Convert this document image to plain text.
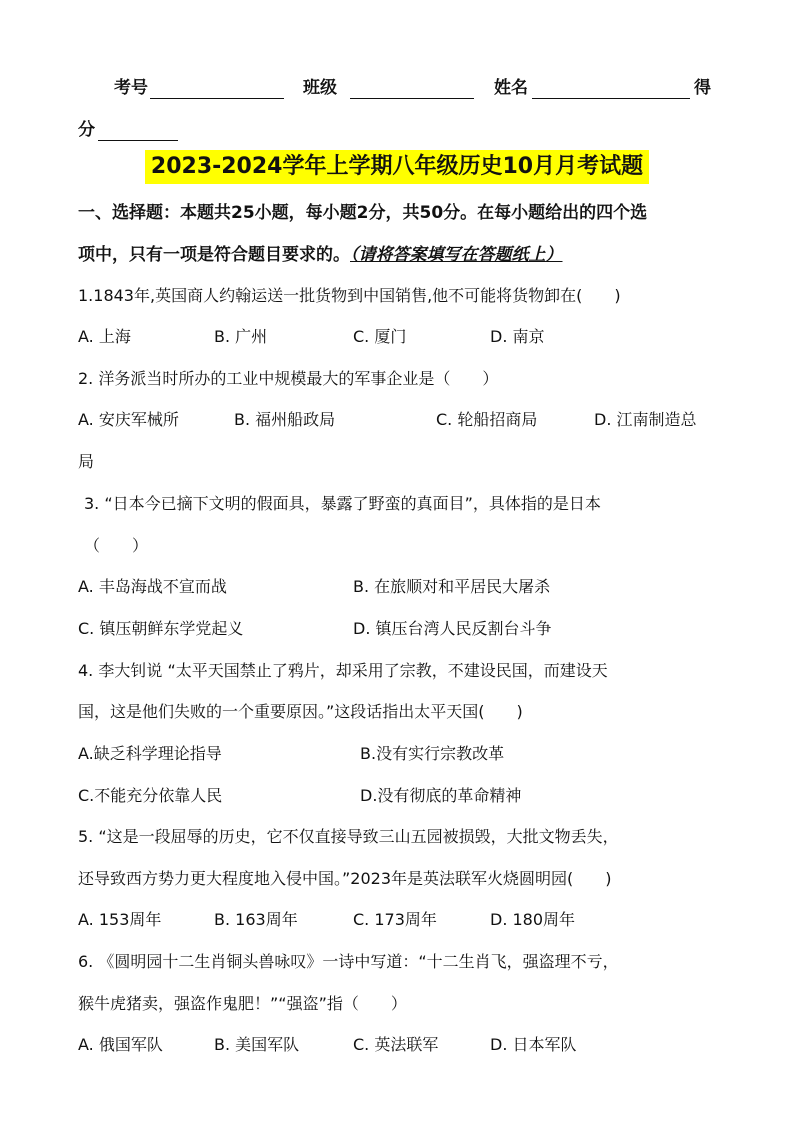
考号	班级	姓名	得
分
2023-2024学年上学期八年级历史10月月考试题
一、选择题：本题共25小题，每小题2分，共50分。在每小题给出的四个选
项中，只有一项是符合题目要求的。（请将答案填写在答题纸上）
1.1843年,英国商人约翰运送一批货物到中国销售,他不可能将货物卸在(　　)
A. 上海	B. 广州	C. 厦门	D. 南京
2. 洋务派当时所办的工业中规模最大的军事企业是（　　）
A. 安庆军械所	B. 福州船政局	C. 轮船招商局	D. 江南制造总
局
3. “日本今已摘下文明的假面具，暴露了野蛮的真面目”，具体指的是日本
（　　）
A. 丰岛海战不宣而战	B. 在旅顺对和平居民大屠杀
C. 镇压朝鲜东学党起义	D. 镇压台湾人民反割台斗争
4. 李大钊说 “太平天国禁止了鸦片，却采用了宗教，不建设民国，而建设天
国，这是他们失败的一个重要原因。”这段话指出太平天国(　　)
A.缺乏科学理论指导	B.没有实行宗教改革
C.不能充分依靠人民	D.没有彻底的革命精神
5. “这是一段屈辱的历史，它不仅直接导致三山五园被损毁，大批文物丢失，
还导致西方势力更大程度地入侵中国。”2023年是英法联军火烧圆明园(　　)
A. 153周年	B. 163周年	C. 173周年	D. 180周年
6. 《圆明园十二生肖铜头兽咏叹》一诗中写道：“十二生肖飞，强盗理不亏，
猴牛虎猪卖，强盗作鬼肥！”“强盗”指（　　）
A. 俄国军队	B. 美国军队	C. 英法联军	D. 日本军队
